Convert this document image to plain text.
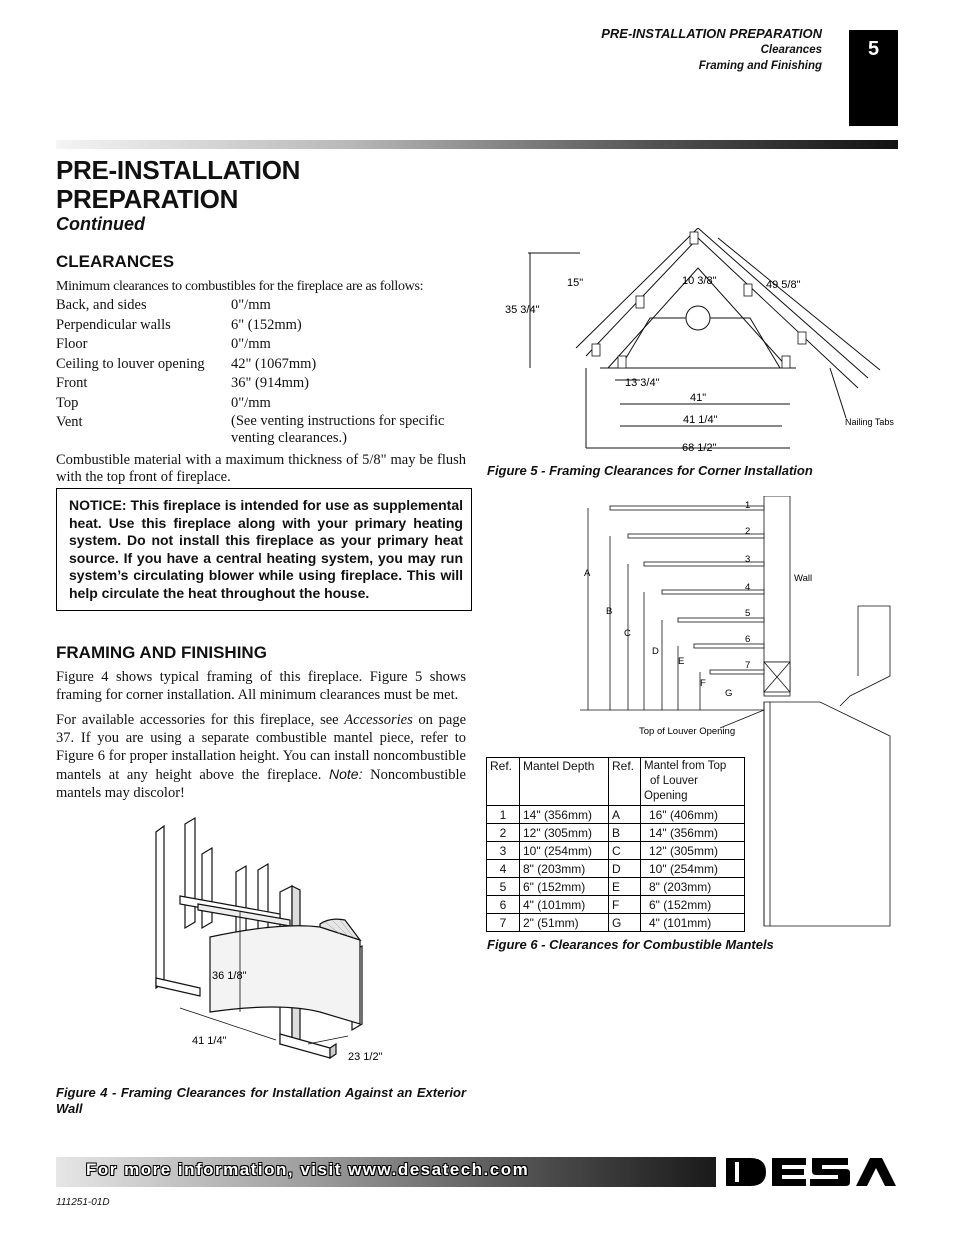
PRE-INSTALLATION PREPARATION
Clearances
Framing and Finishing
5
PRE-INSTALLATION
PREPARATION
Continued
CLEARANCES
Minimum clearances to combustibles for the fireplace are as follows:
Back, and sides	0"/mm
Perpendicular walls	6" (152mm)
Floor	0"/mm
Ceiling to louver opening	42" (1067mm)
Front	36" (914mm)
Top	0"/mm
Vent	(See venting instructions for specific venting clearances.)
Combustible material with a maximum thickness of 5/8" may be flush with the top front of fireplace.
NOTICE: This fireplace is intended for use as supplemental heat. Use this fireplace along with your primary heating system. Do not install this fireplace as your primary heat source. If you have a central heating system, you may run system’s circulating blower while using fireplace. This will help circulate the heat throughout the house.
FRAMING AND FINISHING
Figure 4 shows typical framing of this fireplace. Figure 5 shows framing for corner installation. All minimum clearances must be met.
For available accessories for this fireplace, see Accessories on page 37. If you are using a separate combustible mantel piece, refer to Figure 6 for proper installation height. You can install noncombustible mantels at any height above the fireplace. Note: Noncombustible mantels may discolor!
36 1/8"
41 1/4"
23 1/2"
Figure 4 - Framing Clearances for Installation Against an Exterior Wall
15"	10 3/8"	49 5/8"
35 3/4"
13 3/4"
41"
41 1/4"
68 1/2"
Nailing Tabs
Figure 5 - Framing Clearances for Corner Installation
1
2
3
4
5
6
7
A
B
C
D
E
F
G
Wall
Top of Louver Opening
Ref.	Mantel Depth	Ref.	Mantel from Top
of Louver Opening
1	14" (356mm)	A	16" (406mm)
2	12" (305mm)	B	14" (356mm)
3	10" (254mm)	C	12" (305mm)
4	8" (203mm)	D	10" (254mm)
5	6" (152mm)	E	8" (203mm)
6	4" (101mm)	F	6" (152mm)
7	2" (51mm)	G	4" (101mm)
Figure 6 - Clearances for Combustible Mantels
For more information, visit www.desatech.com
111251-01D
